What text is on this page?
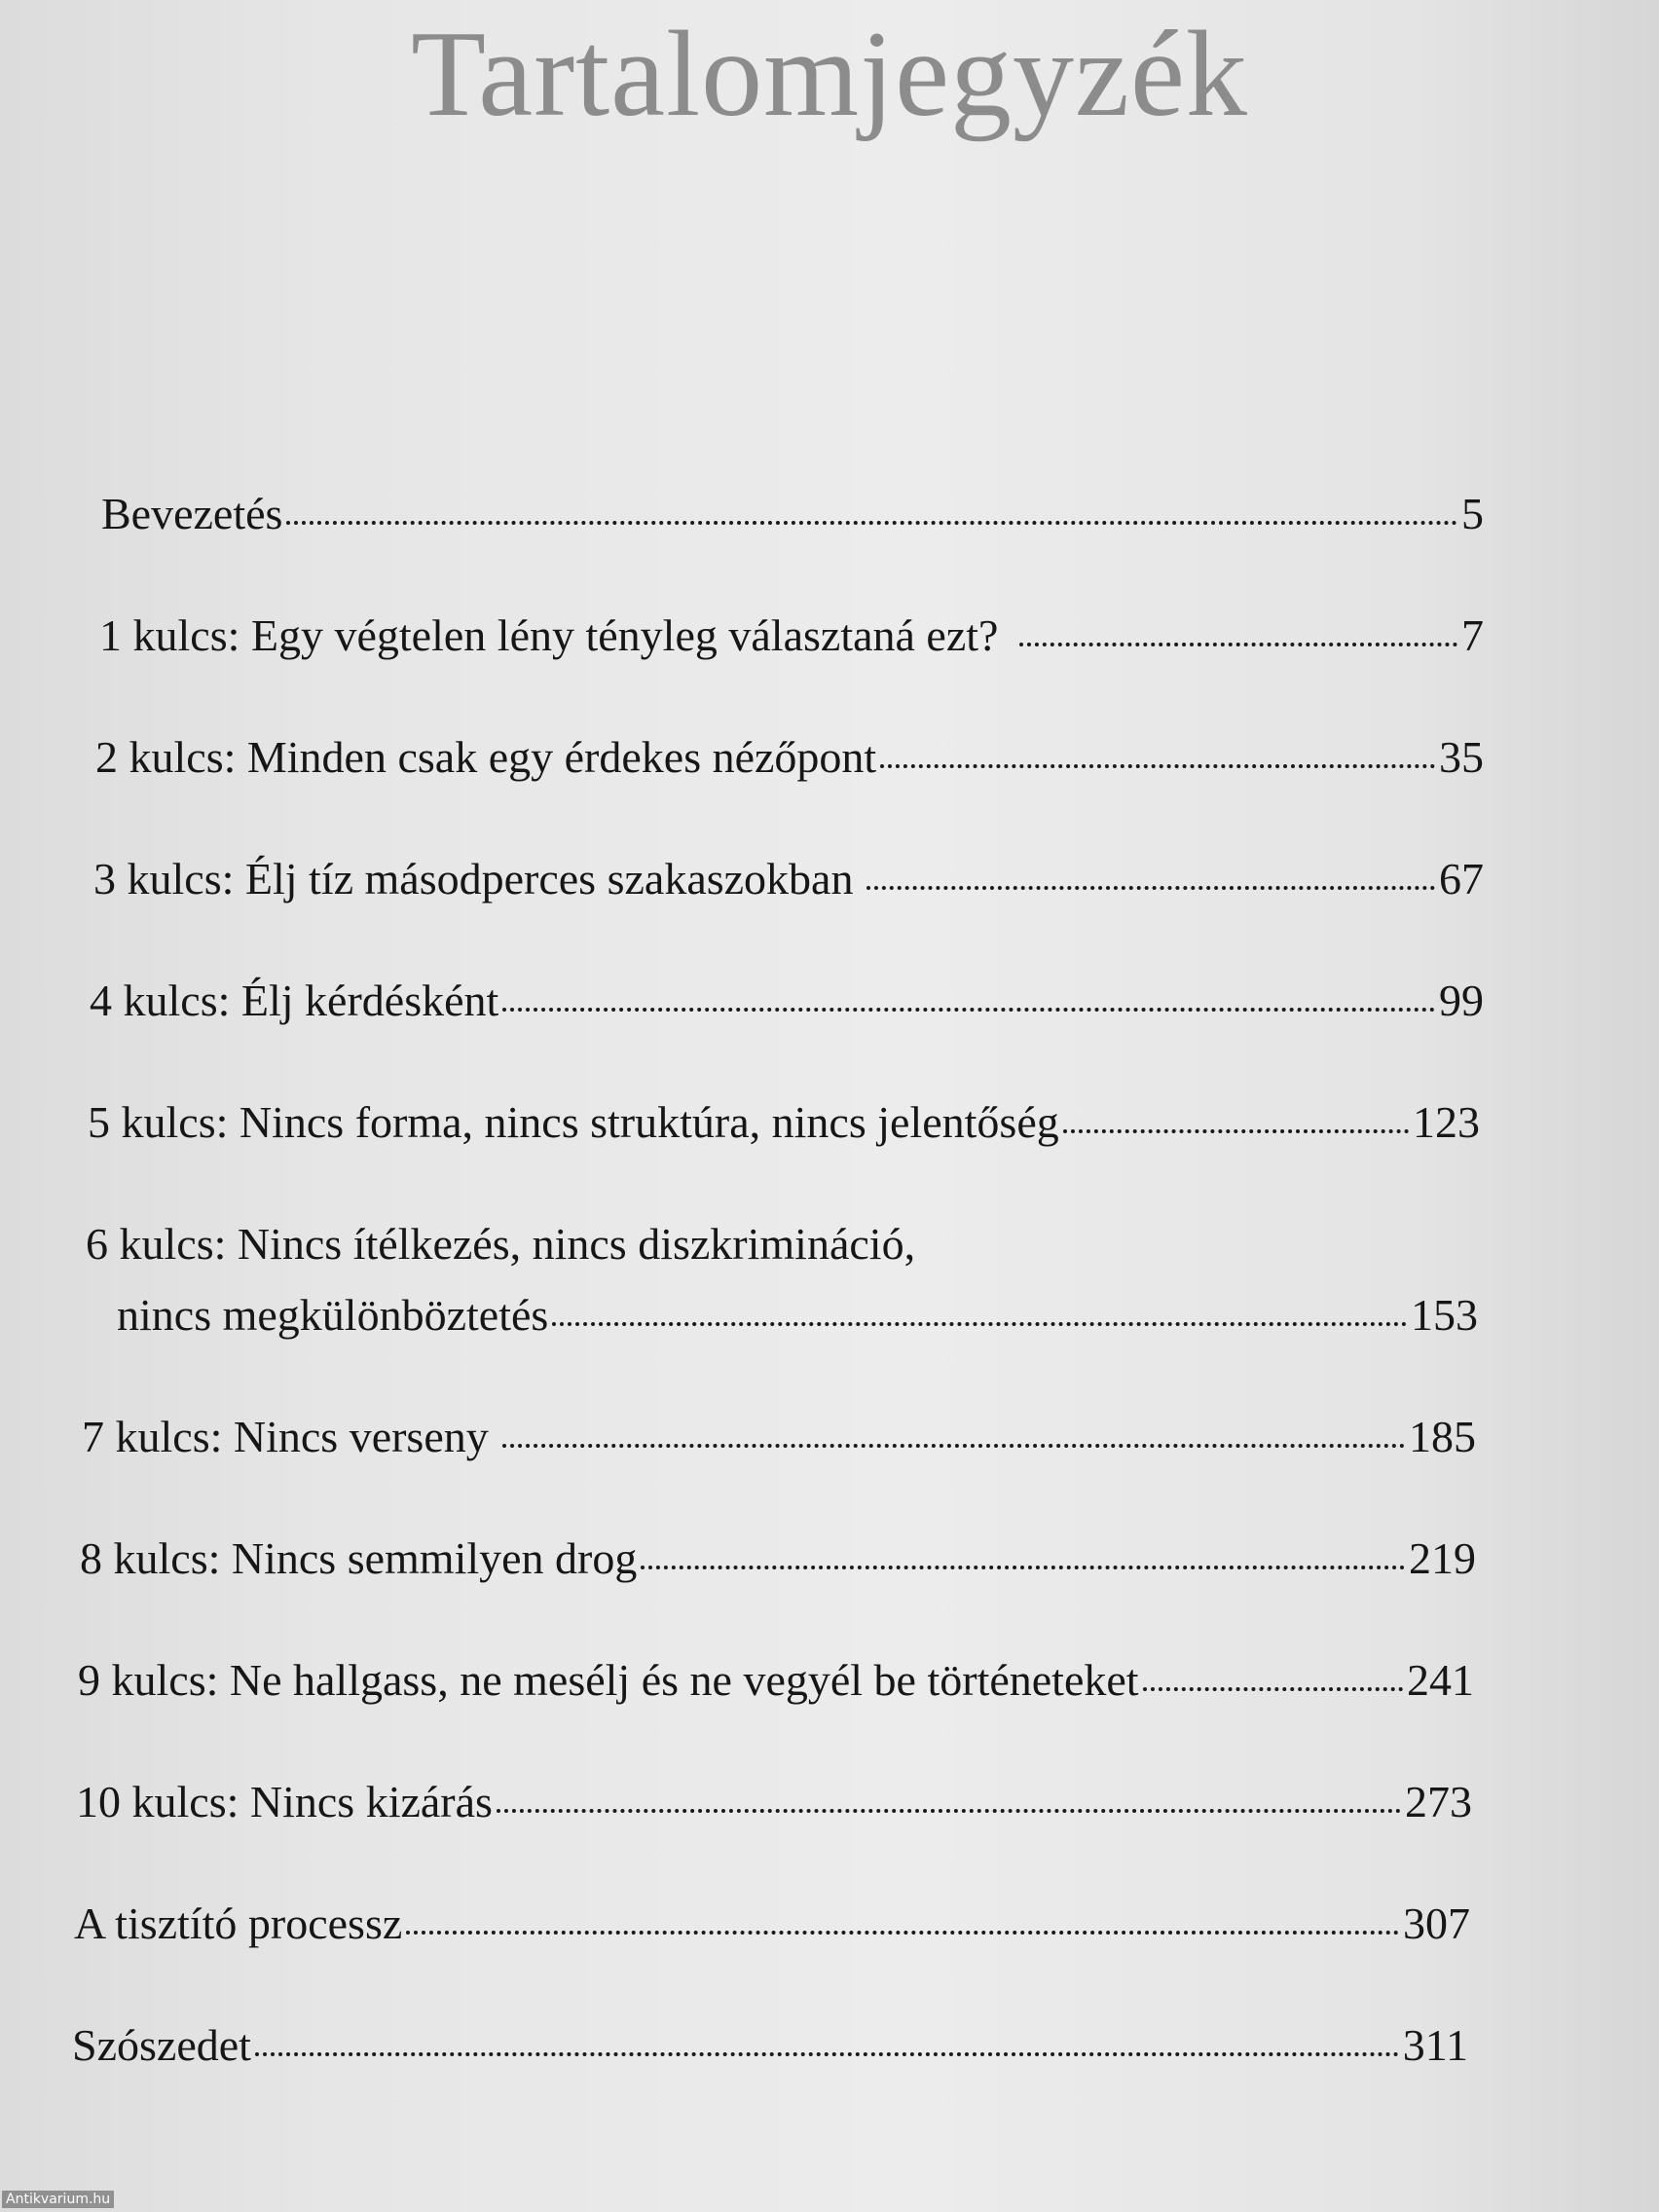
Tartalomjegyzék
Bevezetés	5
1 kulcs: Egy végtelen lény tényleg választaná ezt?	7
2 kulcs: Minden csak egy érdekes nézőpont	35
3 kulcs: Élj tíz másodperces szakaszokban	67
4 kulcs: Élj kérdésként	99
5 kulcs: Nincs forma, nincs struktúra, nincs jelentőség	123
6 kulcs: Nincs ítélkezés, nincs diszkrimináció,
nincs megkülönböztetés	153
7 kulcs: Nincs verseny	185
8 kulcs: Nincs semmilyen drog	219
9 kulcs: Ne hallgass, ne mesélj és ne vegyél be történeteket	241
10 kulcs: Nincs kizárás	273
A tisztító processz	307
Szószedet	311
Antikvarium.hu
